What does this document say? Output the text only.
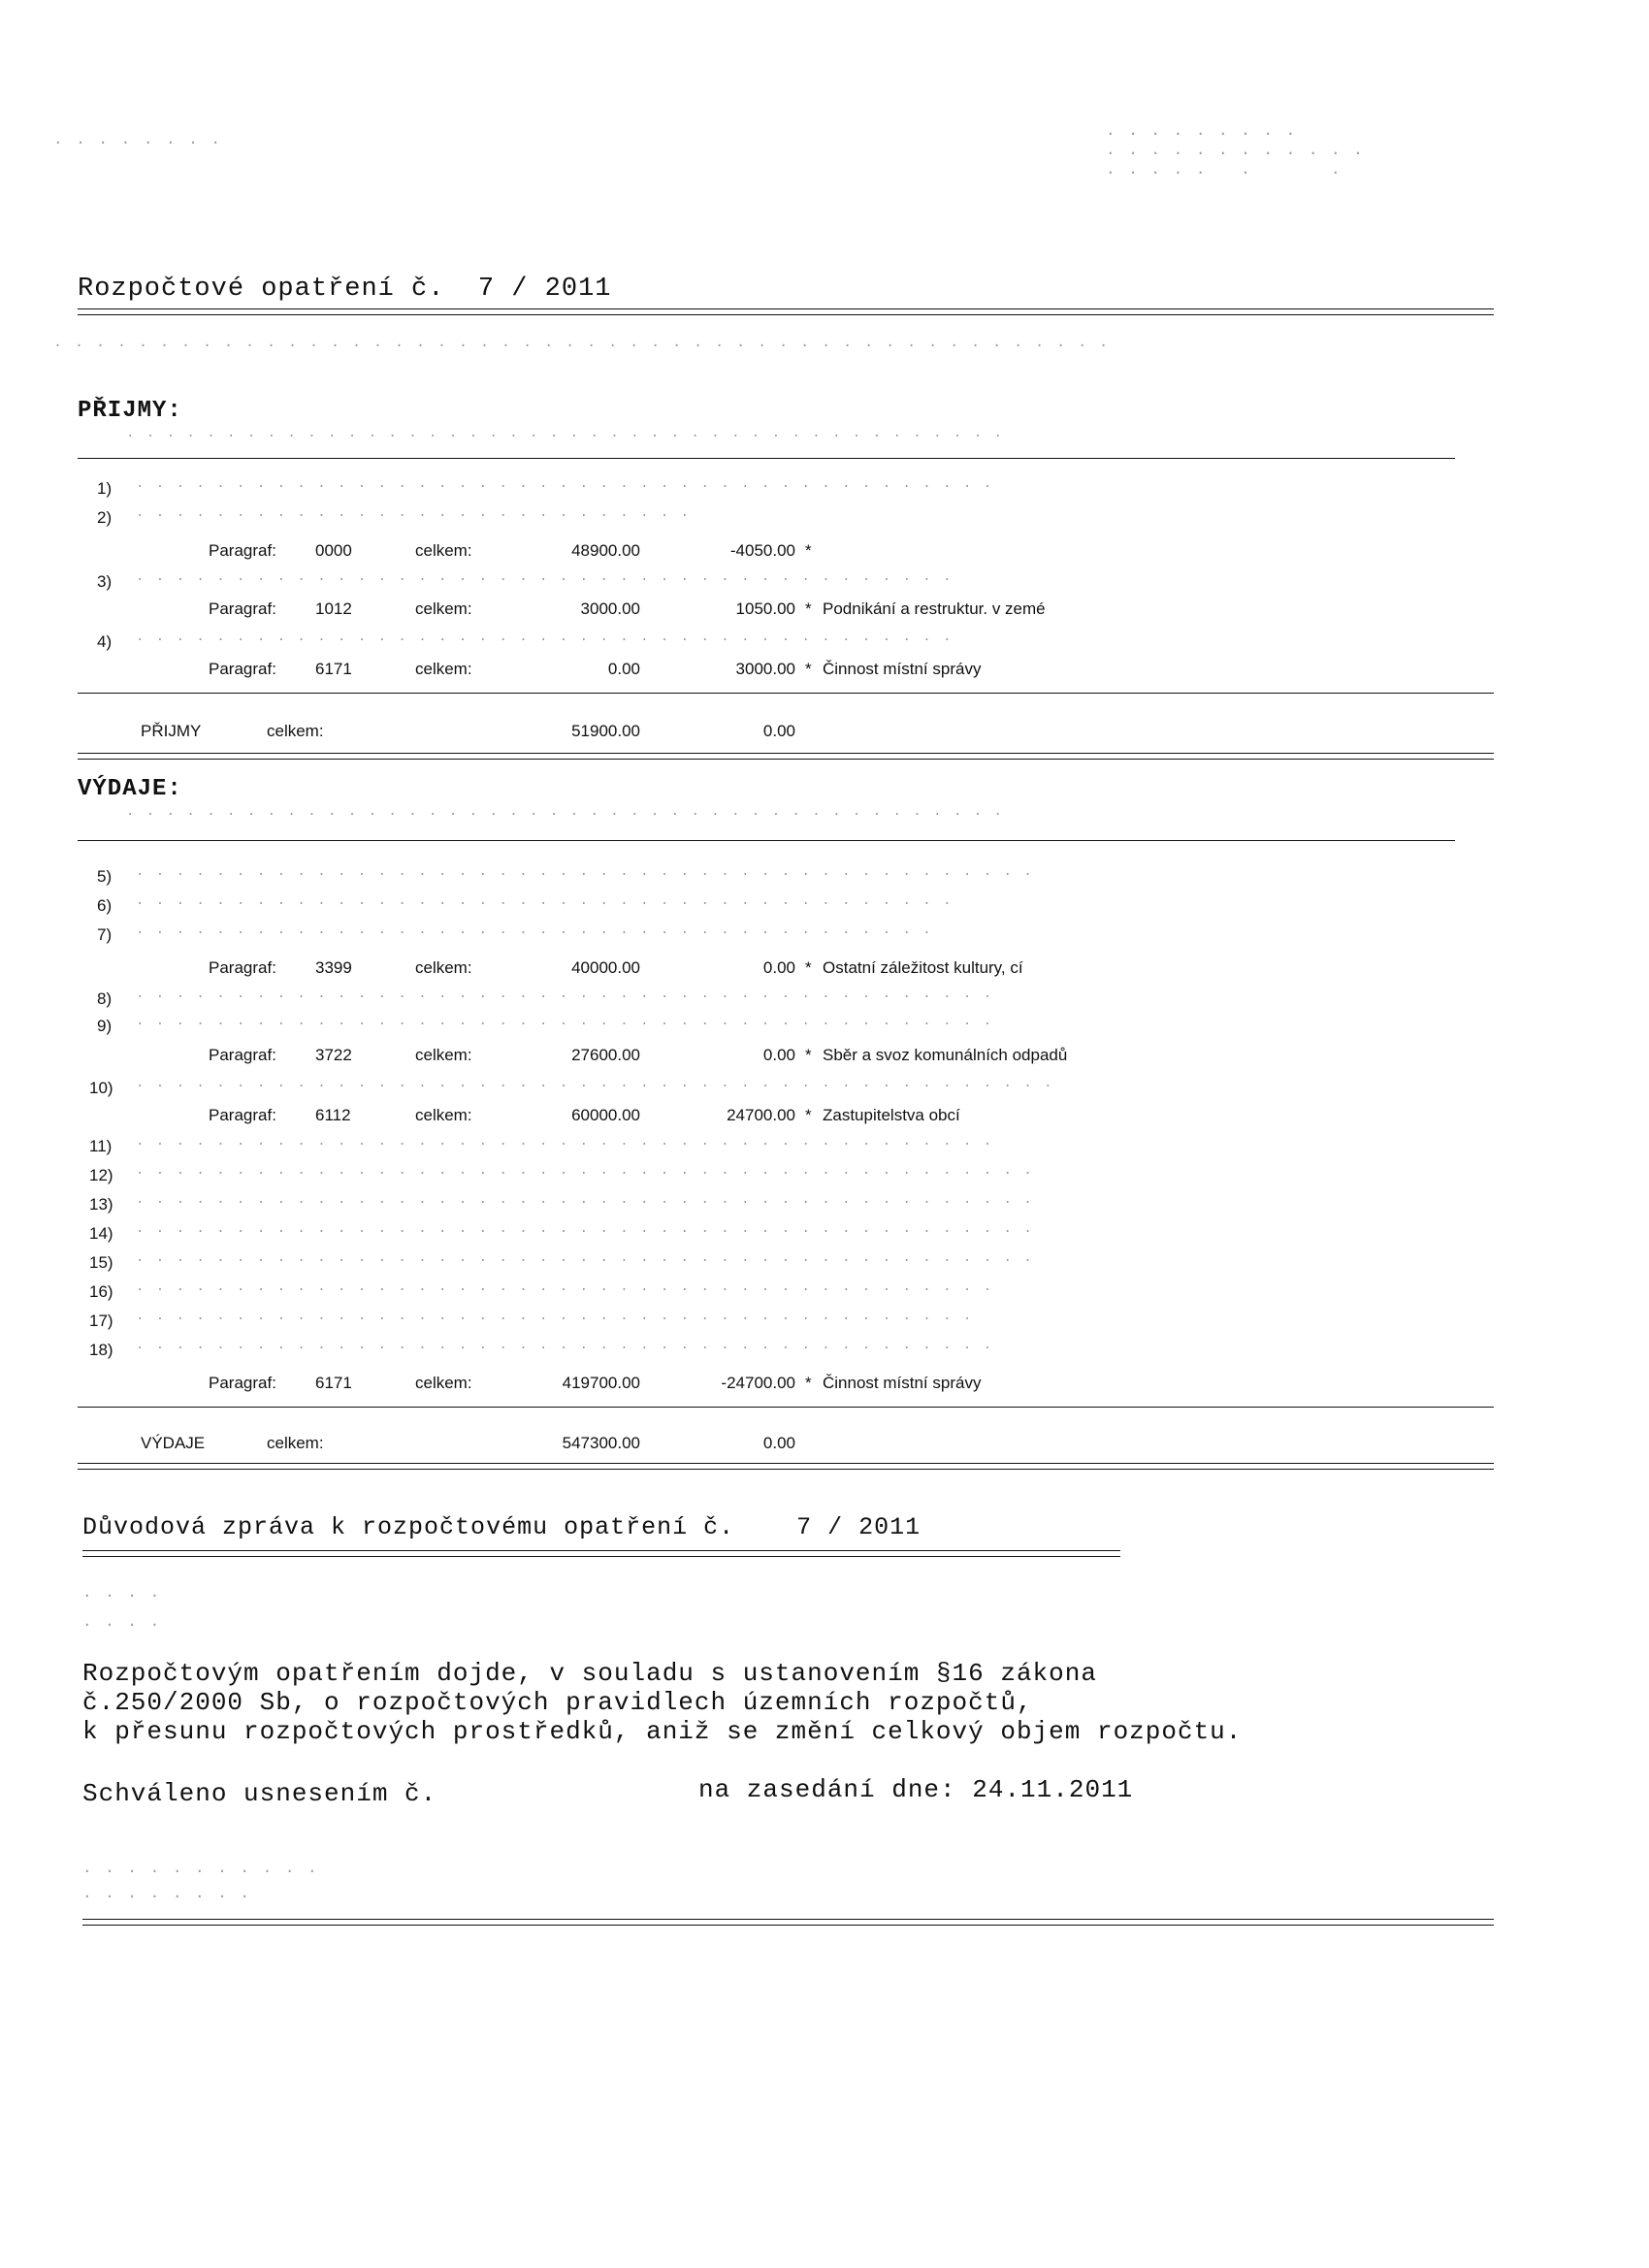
· · · · · · · ·	· · · · · · · · ·
· · · · · · · · · · · ·
· · · · ·   ·       ·
Rozpočtové opatření č. 7 / 2011
· · · · · · · · · · · · · · · · · · · · · · · · · · · · · · · · · · · · · · · · · · · · · · · · · ·
PŘIJMY:
· · · · · · · · · · · · · · · · · · · · · · · · · · · · · · · · · · · · · · · · · · · ·
1) · · · · · · · · · · · · · · · · · · · · · · · · · · · · · · · · · · · · · · · · · · ·
2) · · · · · · · · · · · · · · · · · · · · · · · · · · · ·
Paragraf: 0000	celkem:	48900.00	-4050.00 *
3) · · · · · · · · · · · · · · · · · · · · · · · · · · · · · · · · · · · · · · · · ·
Paragraf: 1012	celkem:	3000.00	1050.00 * Podnikání a restruktur. v zemé
4) · · · · · · · · · · · · · · · · · · · · · · · · · · · · · · · · · · · · · · · · ·
Paragraf: 6171	celkem:	0.00	3000.00 * Činnost místní správy
PŘIJMY	celkem:	51900.00	0.00
VÝDAJE:
· · · · · · · · · · · · · · · · · · · · · · · · · · · · · · · · · · · · · · · · · · · ·
5) · · · · · · · · · · · · · · · · · · · · · · · · · · · · · · · · · · · · · · · · · · · · ·
6) · · · · · · · · · · · · · · · · · · · · · · · · · · · · · · · · · · · · · · · · ·
7) · · · · · · · · · · · · · · · · · · · · · · · · · · · · · · · · · · · · · · · ·
Paragraf: 3399	celkem:	40000.00	0.00 * Ostatní záležitost kultury, cí
8) · · · · · · · · · · · · · · · · · · · · · · · · · · · · · · · · · · · · · · · · · · ·
9) · · · · · · · · · · · · · · · · · · · · · · · · · · · · · · · · · · · · · · · · · · ·
Paragraf: 3722	celkem:	27600.00	0.00 * Sběr a svoz komunálních odpadů
10) · · · · · · · · · · · · · · · · · · · · · · · · · · · · · · · · · · · · · · · · · · · · · ·
Paragraf: 6112	celkem:	60000.00	24700.00 * Zastupitelstva obcí
11) · · · · · · · · · · · · · · · · · · · · · · · · · · · · · · · · · · · · · · · · · · ·
12) · · · · · · · · · · · · · · · · · · · · · · · · · · · · · · · · · · · · · · · · · · · · ·
13) · · · · · · · · · · · · · · · · · · · · · · · · · · · · · · · · · · · · · · · · · · · · ·
14) · · · · · · · · · · · · · · · · · · · · · · · · · · · · · · · · · · · · · · · · · · · · ·
15) · · · · · · · · · · · · · · · · · · · · · · · · · · · · · · · · · · · · · · · · · · · · ·
16) · · · · · · · · · · · · · · · · · · · · · · · · · · · · · · · · · · · · · · · · · · ·
17) · · · · · · · · · · · · · · · · · · · · · · · · · · · · · · · · · · · · · · · · · ·
18) · · · · · · · · · · · · · · · · · · · · · · · · · · · · · · · · · · · · · · · · · · ·
Paragraf: 6171	celkem:	419700.00	-24700.00 * Činnost místní správy
VÝDAJE	celkem:	547300.00	0.00
Důvodová zpráva k rozpočtovému opatření č.	7 / 2011
· · · ·
· · · ·
Rozpočtovým opatřením dojde, v souladu s ustanovením §16 zákona
č.250/2000 Sb, o rozpočtových pravidlech územních rozpočtů,
k přesunu rozpočtových prostředků, aniž se změní celkový objem rozpočtu.
Schváleno usnesením č.	na zasedání dne: 24.11.2011
· · · · · · · · · · ·
· · · · · · · ·
